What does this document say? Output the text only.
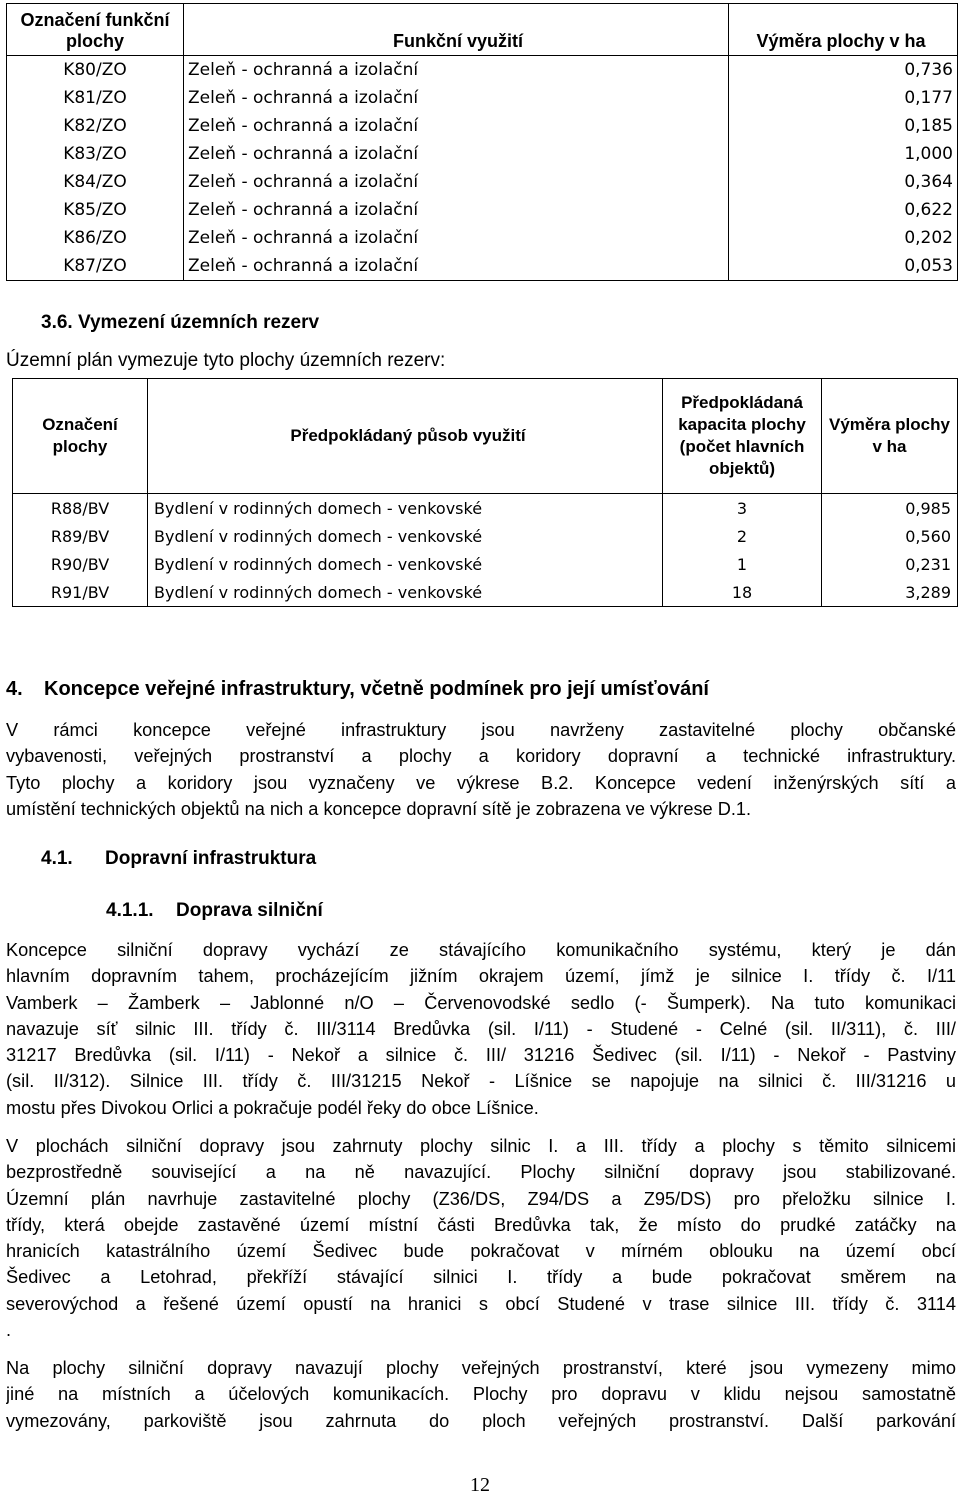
Označení funkční plochy	Funkční využití	Výměra plochy v ha
K80/ZO	Zeleň - ochranná a izolační	0,736
K81/ZO	Zeleň - ochranná a izolační	0,177
K82/ZO	Zeleň - ochranná a izolační	0,185
K83/ZO	Zeleň - ochranná a izolační	1,000
K84/ZO	Zeleň - ochranná a izolační	0,364
K85/ZO	Zeleň - ochranná a izolační	0,622
K86/ZO	Zeleň - ochranná a izolační	0,202
K87/ZO	Zeleň - ochranná a izolační	0,053
3.6. Vymezení územních rezerv
Územní plán vymezuje tyto plochy územních rezerv:
Označení plochy	Předpokládaný působ využití	Předpokládaná kapacita plochy (počet hlavních objektů)	Výměra plochy v ha
R88/BV	Bydlení v rodinných domech - venkovské	3	0,985
R89/BV	Bydlení v rodinných domech - venkovské	2	0,560
R90/BV	Bydlení v rodinných domech - venkovské	1	0,231
R91/BV	Bydlení v rodinných domech - venkovské	18	3,289
4. Koncepce veřejné infrastruktury, včetně podmínek pro její umísťování
V rámci koncepce veřejné infrastruktury jsou navrženy zastavitelné plochy občanské
vybavenosti, veřejných prostranství a plochy a koridory dopravní a technické infrastruktury.
Tyto plochy a koridory jsou vyznačeny ve výkrese B.2. Koncepce vedení inženýrských sítí a
umístění technických objektů na nich a koncepce dopravní sítě je zobrazena ve výkrese D.1.
4.1. Dopravní infrastruktura
4.1.1. Doprava silniční
Koncepce silniční dopravy vychází ze stávajícího komunikačního systému, který je dán
hlavním dopravním tahem, procházejícím jižním okrajem území, jímž je silnice I. třídy č. I/11
Vamberk – Žamberk – Jablonné n/O – Červenovodské sedlo (- Šumperk). Na tuto komunikaci
navazuje síť silnic III. třídy č. III/3114 Bredůvka (sil. I/11) - Studené - Celné (sil. II/311), č. III/
31217 Bredůvka (sil. I/11) - Nekoř a silnice č. III/ 31216 Šedivec (sil. I/11) - Nekoř - Pastviny
(sil. II/312). Silnice III. třídy č. III/31215 Nekoř - Líšnice se napojuje na silnici č. III/31216 u
mostu přes Divokou Orlici a pokračuje podél řeky do obce Líšnice.
V plochách silniční dopravy jsou zahrnuty plochy silnic I. a III. třídy a plochy s těmito silnicemi
bezprostředně související a na ně navazující. Plochy silniční dopravy jsou stabilizované.
Územní plán navrhuje zastavitelné plochy (Z36/DS, Z94/DS a Z95/DS) pro přeložku silnice I.
třídy, která obejde zastavěné území místní části Bredůvka tak, že místo do prudké zatáčky na
hranicích katastrálního území Šedivec bude pokračovat v mírném oblouku na území obcí
Šedivec a Letohrad, překříží stávající silnici I. třídy a bude pokračovat směrem na
severovýchod a řešené území opustí na hranici s obcí Studené v trase silnice III. třídy č. 3114
.
Na plochy silniční dopravy navazují plochy veřejných prostranství, které jsou vymezeny mimo
jiné na místních a účelových komunikacích. Plochy pro dopravu v klidu nejsou samostatně
vymezovány, parkoviště jsou zahrnuta do ploch veřejných prostranství. Další parkování
12
